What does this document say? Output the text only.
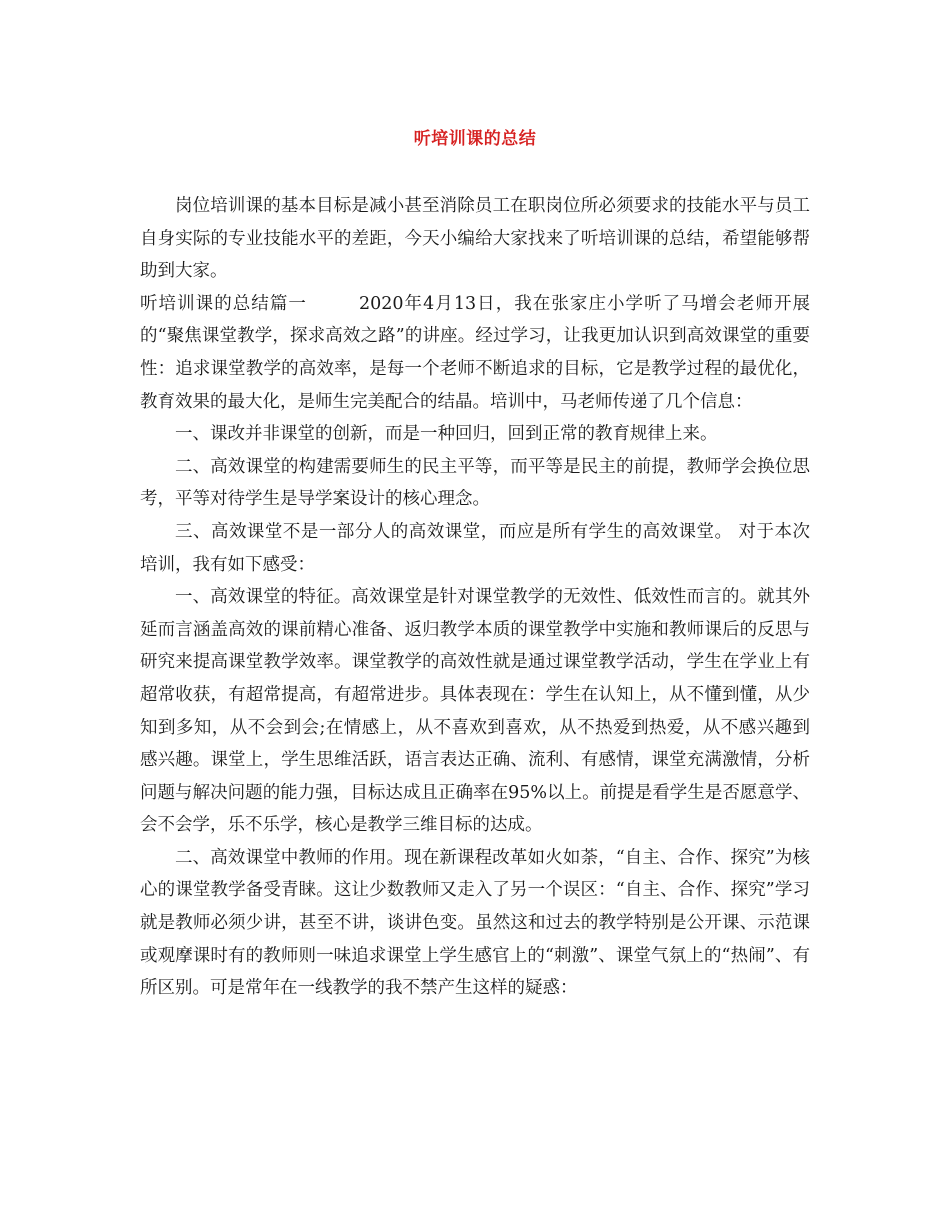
听培训课的总结

岗位培训课的基本目标是减小甚至消除员工在职岗位所必须要求的技能水平与员工自身实际的专业技能水平的差距，今天小编给大家找来了听培训课的总结，希望能够帮助到大家。

听培训课的总结篇一	2020年4月13日，我在张家庄小学听了马增会老师开展的“聚焦课堂教学，探求高效之路”的讲座。经过学习，让我更加认识到高效课堂的重要性：追求课堂教学的高效率，是每一个老师不断追求的目标，它是教学过程的最优化，教育效果的最大化，是师生完美配合的结晶。培训中，马老师传递了几个信息：

一、课改并非课堂的创新，而是一种回归，回到正常的教育规律上来。

二、高效课堂的构建需要师生的民主平等，而平等是民主的前提，教师学会换位思考，平等对待学生是导学案设计的核心理念。

三、高效课堂不是一部分人的高效课堂，而应是所有学生的高效课堂。 对于本次培训，我有如下感受：

一、高效课堂的特征。高效课堂是针对课堂教学的无效性、低效性而言的。就其外延而言涵盖高效的课前精心准备、返归教学本质的课堂教学中实施和教师课后的反思与研究来提高课堂教学效率。课堂教学的高效性就是通过课堂教学活动，学生在学业上有超常收获，有超常提高，有超常进步。具体表现在：学生在认知上，从不懂到懂，从少知到多知，从不会到会;在情感上，从不喜欢到喜欢，从不热爱到热爱，从不感兴趣到感兴趣。课堂上，学生思维活跃，语言表达正确、流利、有感情，课堂充满激情，分析问题与解决问题的能力强，目标达成且正确率在95%以上。前提是看学生是否愿意学、会不会学，乐不乐学，核心是教学三维目标的达成。

二、高效课堂中教师的作用。现在新课程改革如火如荼，“自主、合作、探究”为核心的课堂教学备受青睐。这让少数教师又走入了另一个误区：“自主、合作、探究”学习就是教师必须少讲，甚至不讲，谈讲色变。虽然这和过去的教学特别是公开课、示范课或观摩课时有的教师则一味追求课堂上学生感官上的“刺激”、课堂气氛上的“热闹”、有所区别。可是常年在一线教学的我不禁产生这样的疑惑：
